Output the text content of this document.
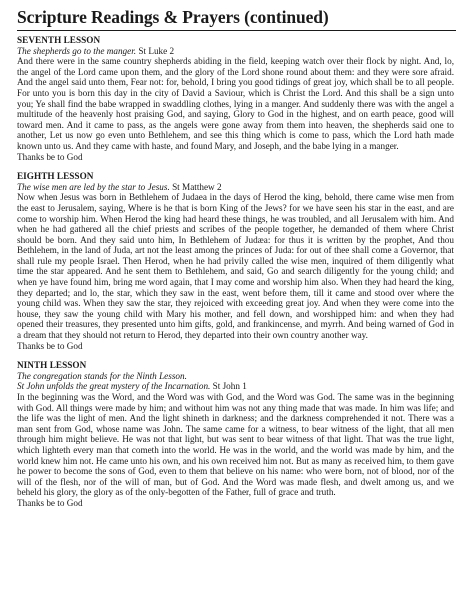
Scripture Readings & Prayers (continued)
SEVENTH LESSON
The shepherds go to the manger. St Luke 2
And there were in the same country shepherds abiding in the field, keeping watch over their flock by night. And, lo, the angel of the Lord came upon them, and the glory of the Lord shone round about them: and they were sore afraid. And the angel said unto them, Fear not: for, behold, I bring you good tidings of great joy, which shall be to all people. For unto you is born this day in the city of David a Saviour, which is Christ the Lord. And this shall be a sign unto you; Ye shall find the babe wrapped in swaddling clothes, lying in a manger. And suddenly there was with the angel a multitude of the heavenly host praising God, and saying, Glory to God in the highest, and on earth peace, good will toward men. And it came to pass, as the angels were gone away from them into heaven, the shepherds said one to another, Let us now go even unto Bethlehem, and see this thing which is come to pass, which the Lord hath made known unto us. And they came with haste, and found Mary, and Joseph, and the babe lying in a manger.
Thanks be to God
EIGHTH LESSON
The wise men are led by the star to Jesus. St Matthew 2
Now when Jesus was born in Bethlehem of Judaea in the days of Herod the king, behold, there came wise men from the east to Jerusalem, saying, Where is he that is born King of the Jews? for we have seen his star in the east, and are come to worship him. When Herod the king had heard these things, he was troubled, and all Jerusalem with him. And when he had gathered all the chief priests and scribes of the people together, he demanded of them where Christ should be born. And they said unto him, In Bethlehem of Judæa: for thus it is written by the prophet, And thou Bethlehem, in the land of Juda, art not the least among the princes of Juda: for out of thee shall come a Governor, that shall rule my people Israel. Then Herod, when he had privily called the wise men, inquired of them diligently what time the star appeared. And he sent them to Bethlehem, and said, Go and search diligently for the young child; and when ye have found him, bring me word again, that I may come and worship him also. When they had heard the king, they departed; and lo, the star, which they saw in the east, went before them, till it came and stood over where the young child was. When they saw the star, they rejoiced with exceeding great joy. And when they were come into the house, they saw the young child with Mary his mother, and fell down, and worshipped him: and when they had opened their treasures, they presented unto him gifts, gold, and frankincense, and myrrh. And being warned of God in a dream that they should not return to Herod, they departed into their own country another way.
Thanks be to God
NINTH LESSON
The congregation stands for the Ninth Lesson.
St John unfolds the great mystery of the Incarnation. St John 1
In the beginning was the Word, and the Word was with God, and the Word was God. The same was in the beginning with God. All things were made by him; and without him was not any thing made that was made. In him was life; and the life was the light of men. And the light shineth in darkness; and the darkness comprehended it not. There was a man sent from God, whose name was John. The same came for a witness, to bear witness of the light, that all men through him might believe. He was not that light, but was sent to bear witness of that light. That was the true light, which lighteth every man that cometh into the world. He was in the world, and the world was made by him, and the world knew him not. He came unto his own, and his own received him not. But as many as received him, to them gave he power to become the sons of God, even to them that believe on his name: who were born, not of blood, nor of the will of the flesh, nor of the will of man, but of God. And the Word was made flesh, and dwelt among us, and we beheld his glory, the glory as of the only-begotten of the Father, full of grace and truth.
Thanks be to God
